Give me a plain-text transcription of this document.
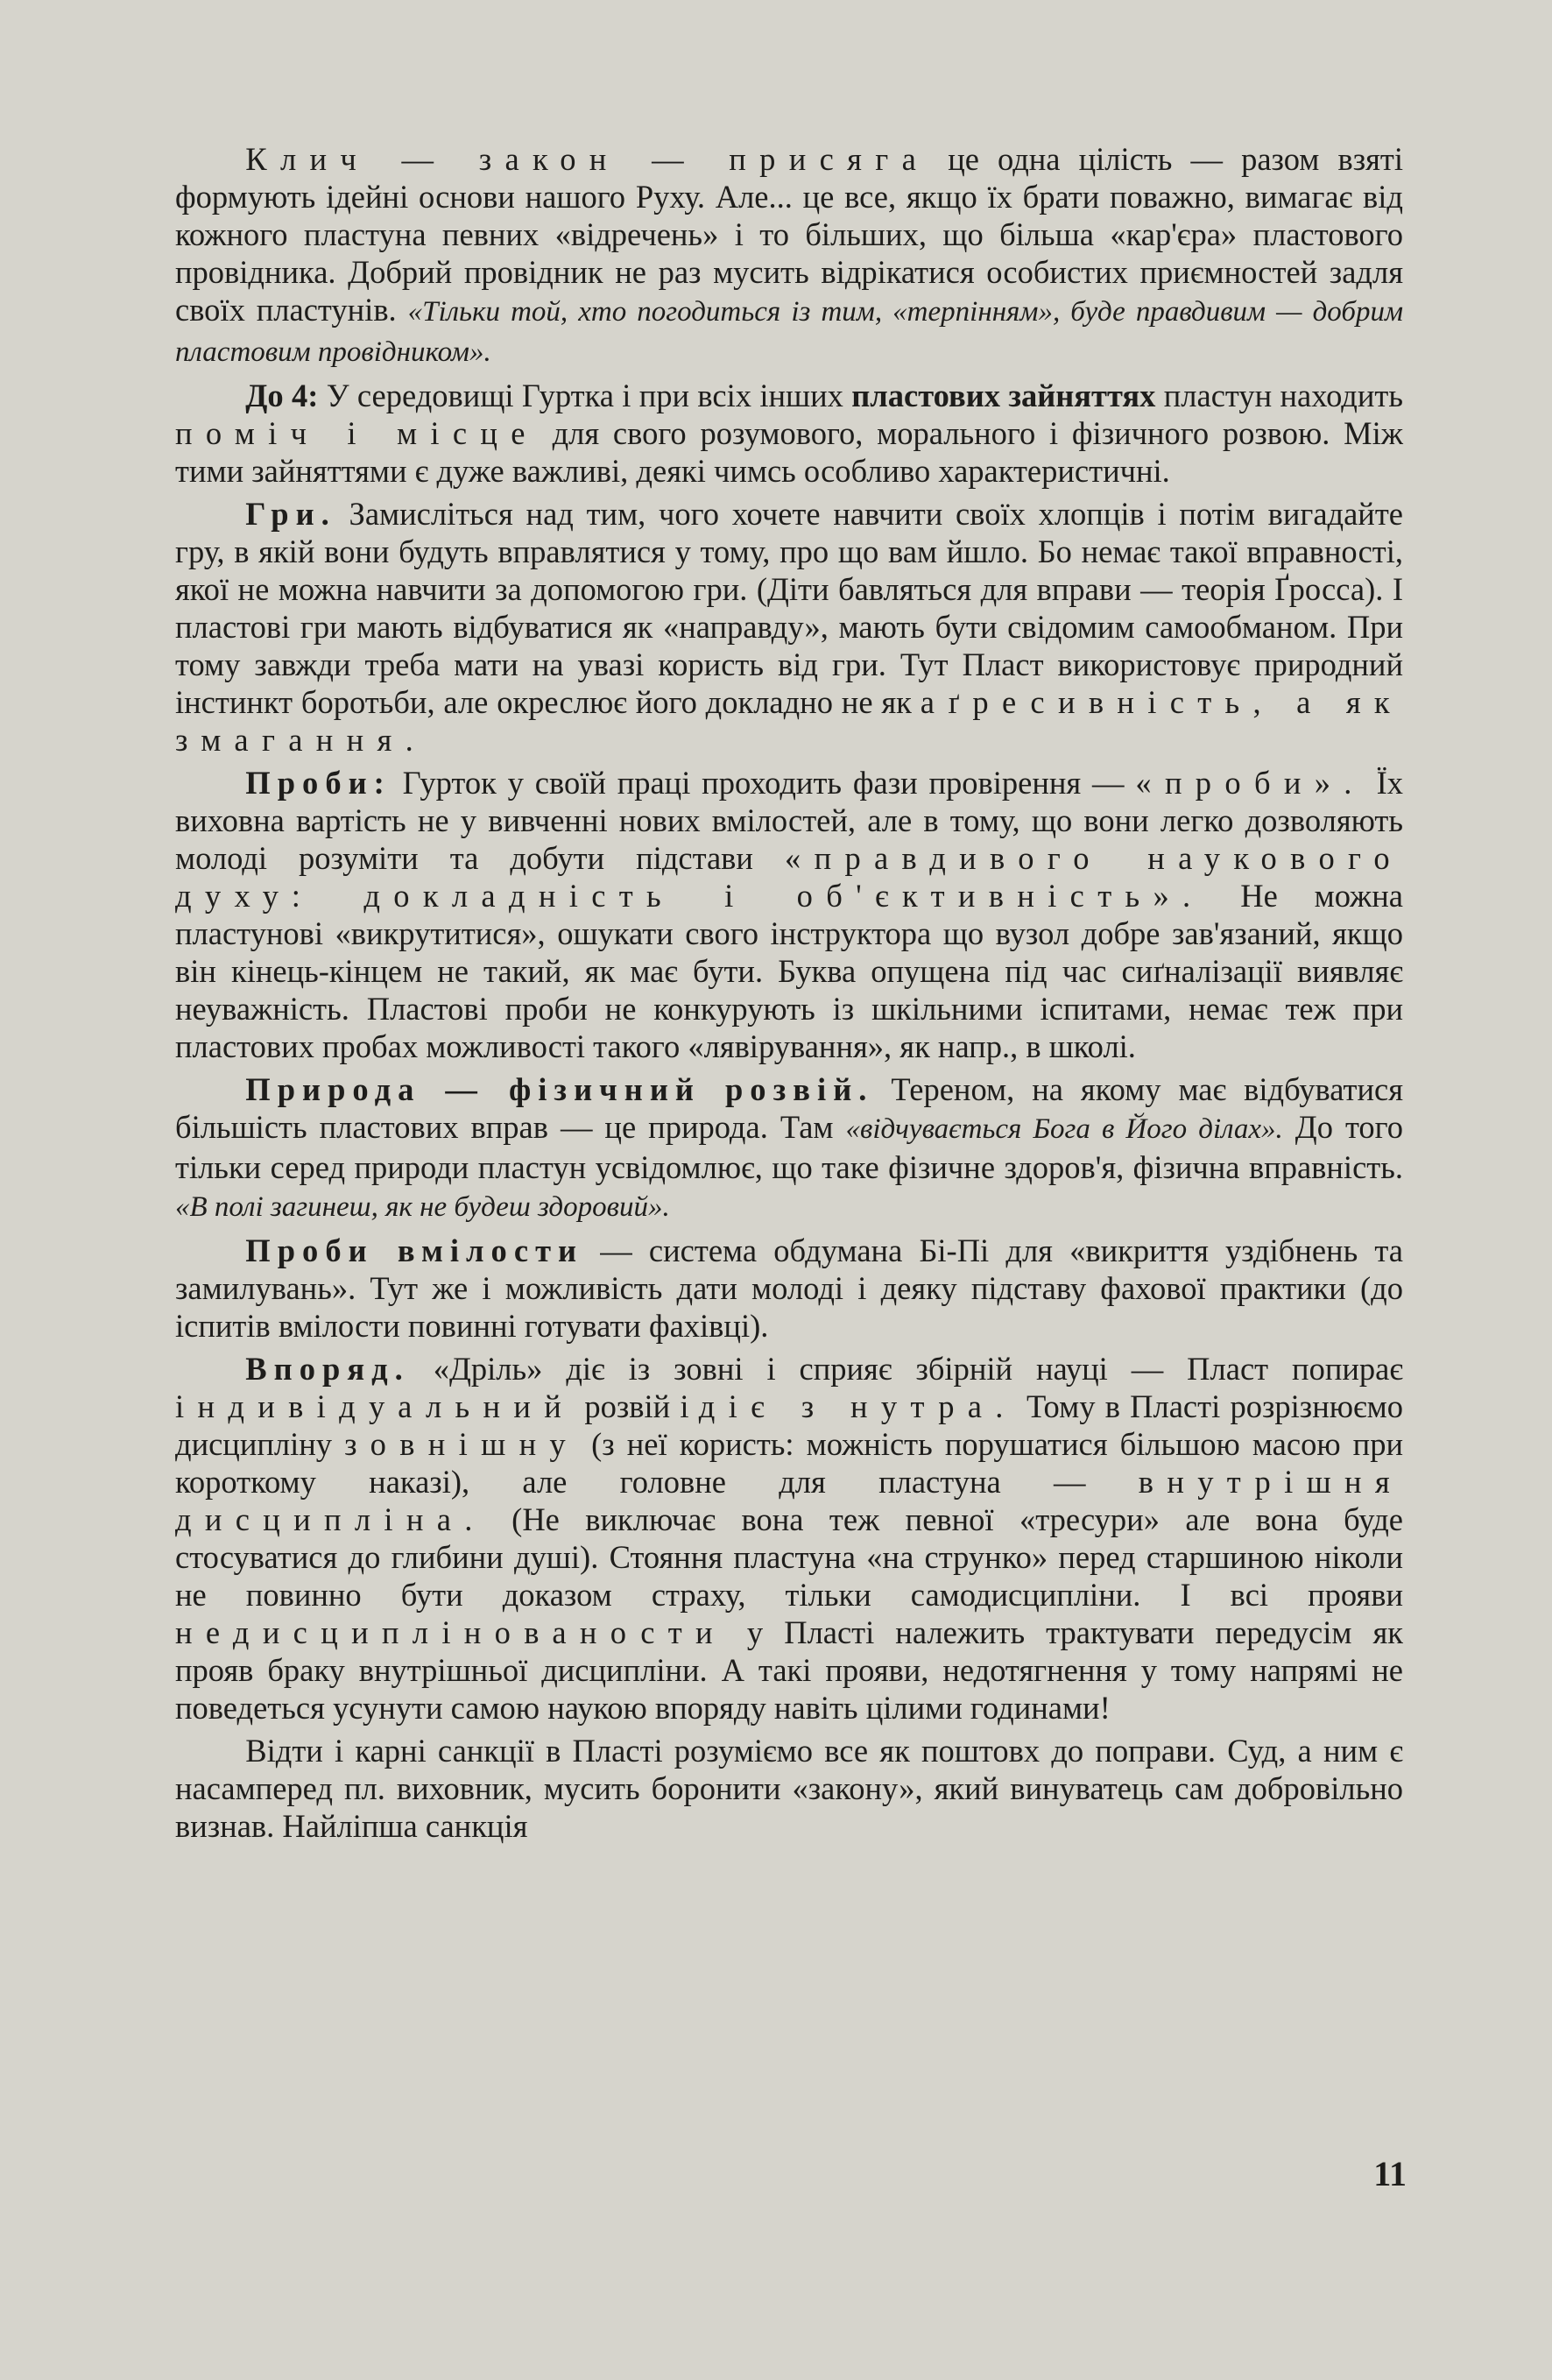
Клич — закон — присяга це одна цілість — разом взяті формують ідейні основи нашого Руху. Але... це все, якщо їх брати поважно, вимагає від кожного пластуна певних «відречень» і то більших, що більша «кар'єра» пластового провідника. Добрий провідник не раз мусить відрікатися особистих приємностей задля своїх пластунів. «Тільки той, хто погодиться із тим, «терпінням», буде правдивим — добрим пластовим провідником».

До 4: У середовищі Гуртка і при всіх інших пластових зайняттях пластун находить поміч і місце для свого розумового, морального і фізичного розвою. Між тими зайняттями є дуже важливі, деякі чимсь особливо характеристичні.

Гри. Замисліться над тим, чого хочете навчити своїх хлопців і потім вигадайте гру, в якій вони будуть вправлятися у тому, про що вам йшло. Бо немає такої вправності, якої не можна навчити за допомогою гри. (Діти бавляться для вправи — теорія Ґросса). І пластові гри мають відбуватися як «направду», мають бути свідомим самообманом. При тому завжди треба мати на увазі користь від гри. Тут Пласт використовує природний інстинкт боротьби, але окреслює його докладно не як аґресивність, а як змагання.

Проби: Гурток у своїй праці проходить фази провірення — «проби». Їх виховна вартість не у вивченні нових вмілостей, але в тому, що вони легко дозволяють молоді розуміти та добути підстави «правдивого наукового духу: докладність і об'єктивність». Не можна пластунові «викрутитися», ошукати свого інструктора що вузол добре зав'язаний, якщо він кінець-кінцем не такий, як має бути. Буква опущена під час сиґналізації виявляє неуважність. Пластові проби не конкурують із шкільними іспитами, немає теж при пластових пробах можливості такого «лявірування», як напр., в школі.

Природа — фізичний розвій. Тереном, на якому має відбуватися більшість пластових вправ — це природа. Там «відчувається Бога в Його ділах». До того тільки серед природи пластун усвідомлює, що таке фізичне здоров'я, фізична вправність. «В полі загинеш, як не будеш здоровий».

Проби вмілости — система обдумана Бі-Пі для «викриття уздібнень та замилувань». Тут же і можливість дати молоді і деяку підставу фахової практики (до іспитів вмілости повинні готувати фахівці).

Впоряд. «Дріль» діє із зовні і сприяє збірній науці — Пласт попирає індивідуальний розвій і діє з нутра. Тому в Пласті розрізнюємо дисципліну зовнішну (з неї користь: можність порушатися більшою масою при короткому наказі), але головне для пластуна — внутрішня дисципліна. (Не виключає вона теж певної «тресури» але вона буде стосуватися до глибини душі). Стояння пластуна «на струнко» перед старшиною ніколи не повинно бути доказом страху, тільки самодисципліни. І всі прояви недисциплінованости у Пласті належить трактувати передусім як прояв браку внутрішньої дисципліни. А такі прояви, недотягнення у тому напрямі не поведеться усунути самою наукою впоряду навіть цілими годинами!

Відти і карні санкції в Пласті розуміємо все як поштовх до поправи. Суд, а ним є насамперед пл. виховник, мусить боронити «закону», який винуватець сам добровільно визнав. Найліпша санкція

11
